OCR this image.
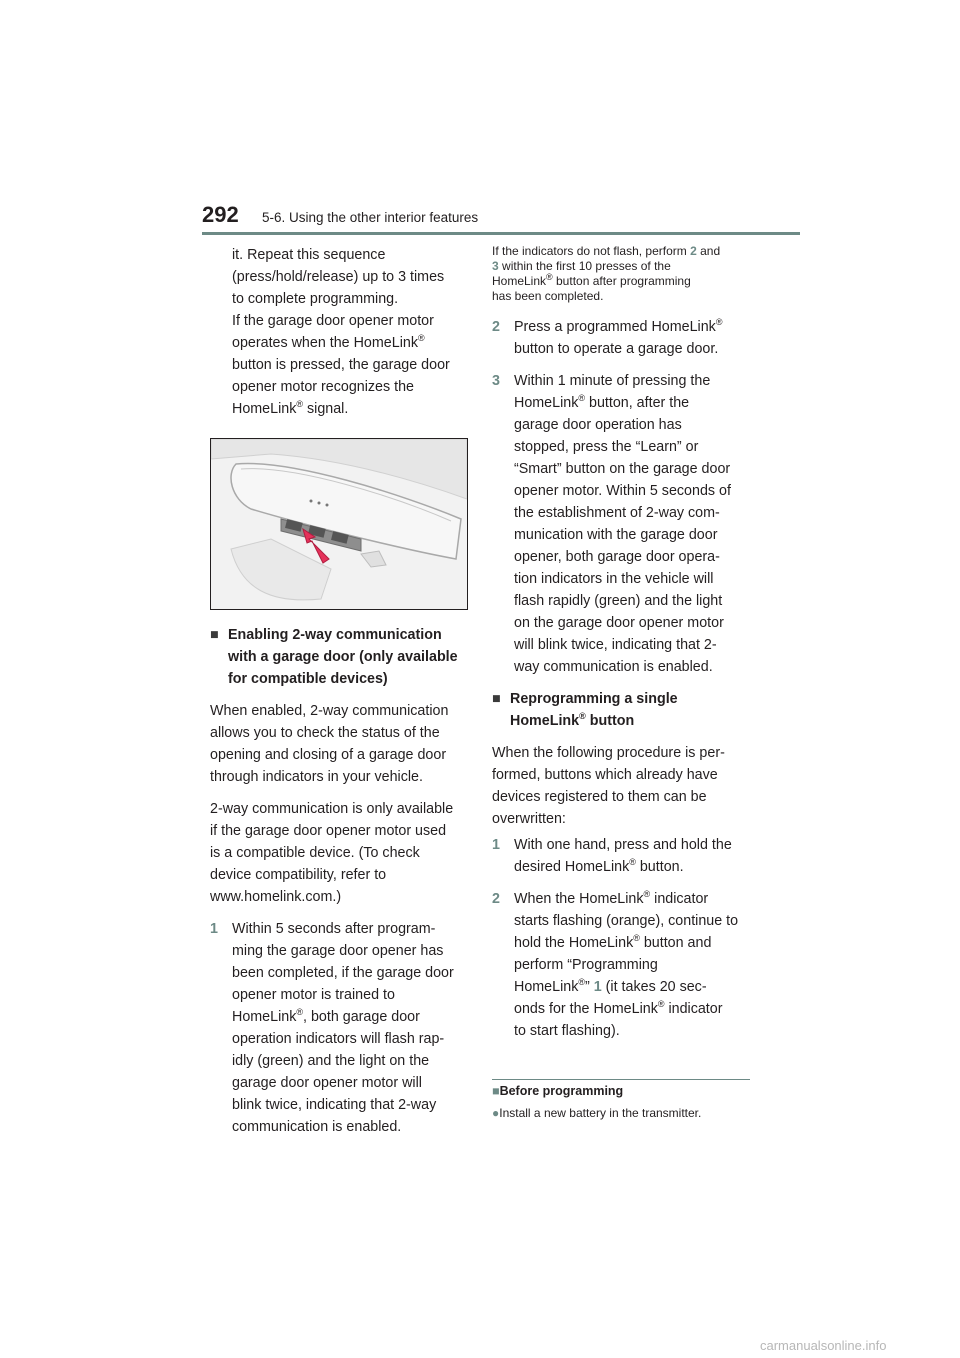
292 5-6. Using the other interior features
it. Repeat this sequence
(press/hold/release) up to 3 times
to complete programming.
If the garage door opener motor
operates when the HomeLink®
button is pressed, the garage door
opener motor recognizes the
HomeLink® signal.
■ Enabling 2-way communication
with a garage door (only available
for compatible devices)
When enabled, 2-way communication
allows you to check the status of the
opening and closing of a garage door
through indicators in your vehicle.
2-way communication is only available
if the garage door opener motor used
is a compatible device. (To check
device compatibility, refer to
www.homelink.com.)
1 Within 5 seconds after program-
ming the garage door opener has
been completed, if the garage door
opener motor is trained to
HomeLink®, both garage door
operation indicators will flash rap-
idly (green) and the light on the
garage door opener motor will
blink twice, indicating that 2-way
communication is enabled.
If the indicators do not flash, perform 2 and
3 within the first 10 presses of the
HomeLink® button after programming
has been completed.
2 Press a programmed HomeLink®
button to operate a garage door.
3 Within 1 minute of pressing the
HomeLink® button, after the
garage door operation has
stopped, press the “Learn” or
“Smart” button on the garage door
opener motor. Within 5 seconds of
the establishment of 2-way com-
munication with the garage door
opener, both garage door opera-
tion indicators in the vehicle will
flash rapidly (green) and the light
on the garage door opener motor
will blink twice, indicating that 2-
way communication is enabled.
■ Reprogramming a single
HomeLink® button
When the following procedure is per-
formed, buttons which already have
devices registered to them can be
overwritten:
1 With one hand, press and hold the
desired HomeLink® button.
2 When the HomeLink® indicator
starts flashing (orange), continue to
hold the HomeLink® button and
perform “Programming
HomeLink®” 1 (it takes 20 sec-
onds for the HomeLink® indicator
to start flashing).
■Before programming
●Install a new battery in the transmitter.
carmanualsonline.info
